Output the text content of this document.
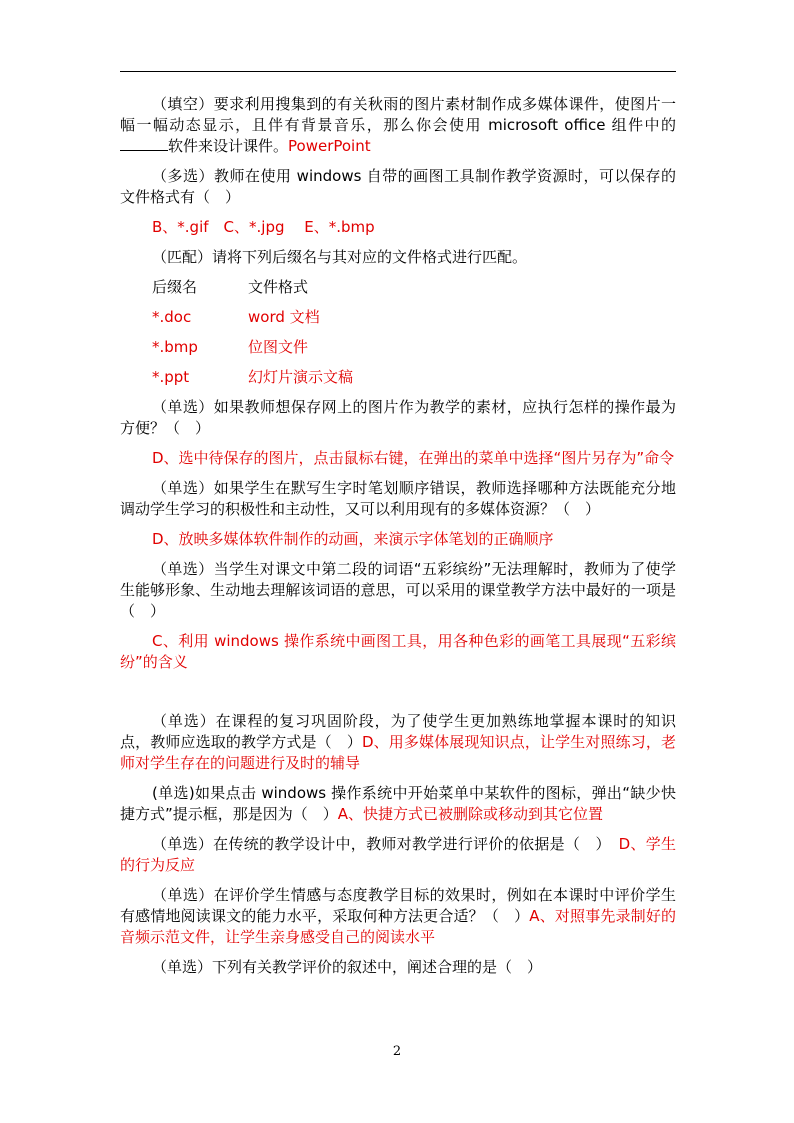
（填空）要求利用搜集到的有关秋雨的图片素材制作成多媒体课件，使图片一幅一幅动态显示，且伴有背景音乐，那么你会使用 microsoft office 组件中的软件来设计课件。PowerPoint

（多选）教师在使用 windows 自带的画图工具制作教学资源时，可以保存的文件格式有（　）

B、*.gif　C、*.jpg　 E、*.bmp

（匹配）请将下列后缀名与其对应的文件格式进行匹配。

后缀名	文件格式

*.doc	word 文档

*.bmp	位图文件

*.ppt	幻灯片演示文稿

（单选）如果教师想保存网上的图片作为教学的素材，应执行怎样的操作最为方便？（　）

D、选中待保存的图片，点击鼠标右键，在弹出的菜单中选择“图片另存为”命令

（单选）如果学生在默写生字时笔划顺序错误，教师选择哪种方法既能充分地调动学生学习的积极性和主动性，又可以利用现有的多媒体资源？（　）

D、放映多媒体软件制作的动画，来演示字体笔划的正确顺序

（单选）当学生对课文中第二段的词语“五彩缤纷”无法理解时，教师为了使学生能够形象、生动地去理解该词语的意思，可以采用的课堂教学方法中最好的一项是（　）

C、利用 windows 操作系统中画图工具，用各种色彩的画笔工具展现“五彩缤纷”的含义

（单选）在课程的复习巩固阶段，为了使学生更加熟练地掌握本课时的知识点，教师应选取的教学方式是（　）D、用多媒体展现知识点，让学生对照练习，老师对学生存在的问题进行及时的辅导

(单选)如果点击 windows 操作系统中开始菜单中某软件的图标，弹出“缺少快捷方式”提示框，那是因为（　）A、快捷方式已被删除或移动到其它位置

（单选）在传统的教学设计中，教师对教学进行评价的依据是（　）　D、学生的行为反应

（单选）在评价学生情感与态度教学目标的效果时，例如在本课时中评价学生有感情地阅读课文的能力水平，采取何种方法更合适？（　）A、对照事先录制好的音频示范文件，让学生亲身感受自己的阅读水平

（单选）下列有关教学评价的叙述中，阐述合理的是（　）

2
